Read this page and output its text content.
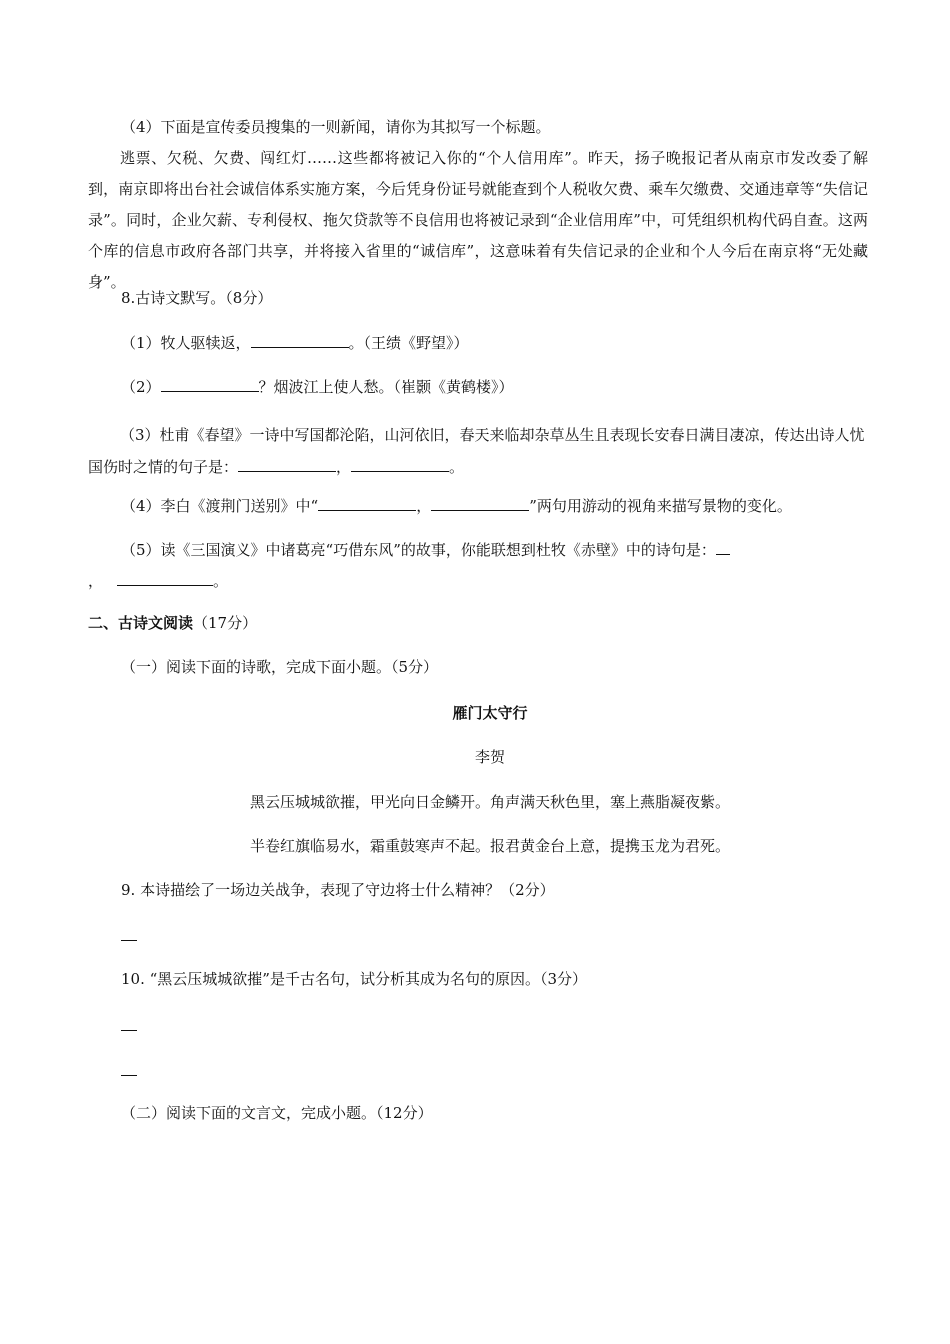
（4）下面是宣传委员搜集的一则新闻，请你为其拟写一个标题。
逃票、欠税、欠费、闯红灯……这些都将被记入你的“个人信用库”。昨天，扬子晚报记者从南京市发改委了解到，南京即将出台社会诚信体系实施方案，今后凭身份证号就能查到个人税收欠费、乘车欠缴费、交通违章等“失信记录”。同时，企业欠薪、专利侵权、拖欠贷款等不良信用也将被记录到“企业信用库”中，可凭组织机构代码自查。这两个库的信息市政府各部门共享，并将接入省里的“诚信库”，这意味着有失信记录的企业和个人今后在南京将“无处藏身”。
8.古诗文默写。（8分）
（1）牧人驱犊返，	。（王绩《野望》）
（2）	？烟波江上使人愁。（崔颢《黄鹤楼》）
（3）杜甫《春望》一诗中写国都沦陷，山河依旧，春天来临却杂草丛生且表现长安春日满目凄凉，传达出诗人忧国伤时之情的句子是：	，	。
（4）李白《渡荆门送别》中“	，	”两句用游动的视角来描写景物的变化。
（5）读《三国演义》中诸葛亮“巧借东风”的故事，你能联想到杜牧《赤壁》中的诗句是：
，	。
二、古诗文阅读（17分）
（一）阅读下面的诗歌，完成下面小题。（5分）
雁门太守行
李贺
黑云压城城欲摧，甲光向日金鳞开。角声满天秋色里，塞上燕脂凝夜紫。
半卷红旗临易水，霜重鼓寒声不起。报君黄金台上意，提携玉龙为君死。
9. 本诗描绘了一场边关战争，表现了守边将士什么精神？（2分）
10. “黑云压城城欲摧”是千古名句，试分析其成为名句的原因。（3分）
（二）阅读下面的文言文，完成小题。（12分）
